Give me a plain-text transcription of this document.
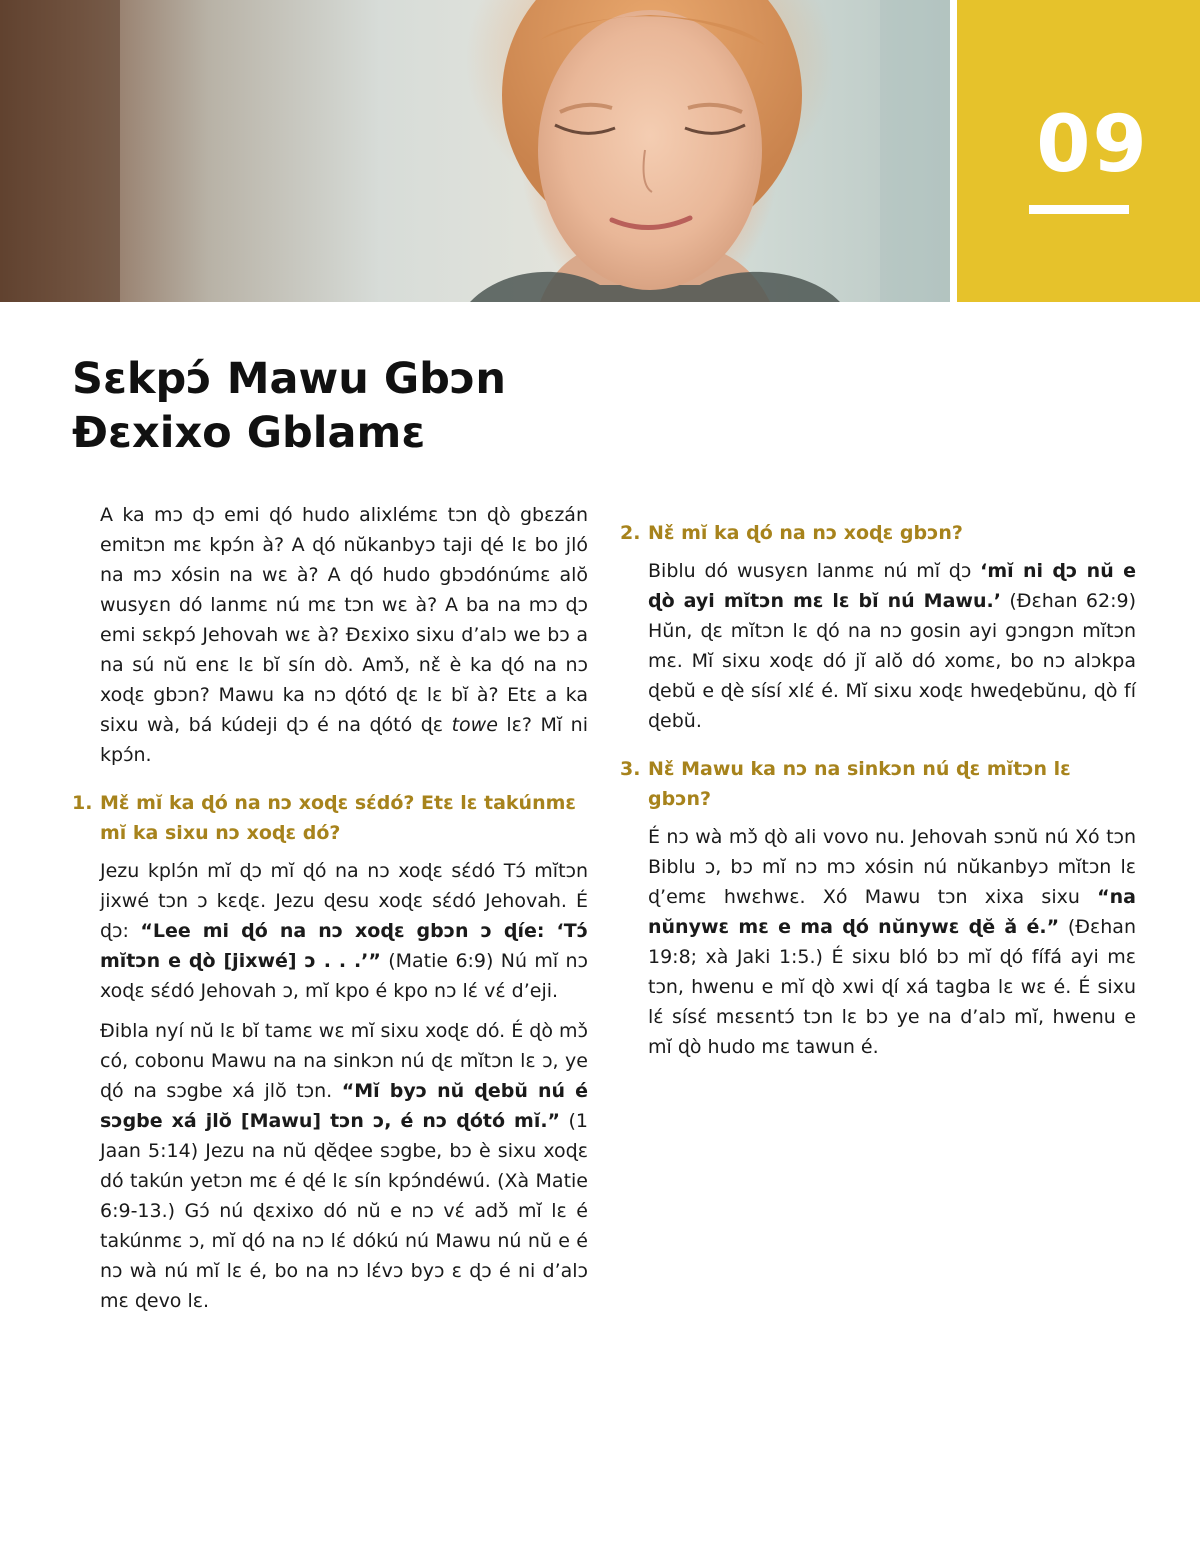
09
Sɛkpɔ́ Mawu Gbɔn
Ɖɛxixo Gblamɛ

A ka mɔ ɖɔ emi ɖó hudo alixlémɛ tɔn ɖò gbɛzán emitɔn mɛ kpɔ́n à? A ɖó nŭkanbyɔ taji ɖé lɛ bo jló na mɔ xósin na wɛ à? A ɖó hudo gbɔdónúmɛ alŏ wusyɛn dó lanmɛ nú mɛ tɔn wɛ à? A ba na mɔ ɖɔ emi sɛkpɔ́ Jehovah wɛ à? Ɖɛxixo sixu d’alɔ we bɔ a na sú nŭ enɛ lɛ bĭ sín dò. Amɔ̌, nɛ̌ è ka ɖó na nɔ xoɖɛ gbɔn? Mawu ka nɔ ɖótó ɖɛ lɛ bĭ à? Etɛ a ka sixu wà, bá kúdeji ɖɔ é na ɖótó ɖɛ towe lɛ? Mĭ ni kpɔ́n.

1. Mɛ̌ mĭ ka ɖó na nɔ xoɖɛ sɛ́dó? Etɛ lɛ takúnmɛ mĭ ka sixu nɔ xoɖɛ dó?

Jezu kplɔ́n mĭ ɖɔ mĭ ɖó na nɔ xoɖɛ sɛ́dó Tɔ́ mĭtɔn jixwé tɔn ɔ kɛɖɛ. Jezu ɖesu xoɖɛ sɛ́dó Jehovah. É ɖɔ: “Lee mi ɖó na nɔ xoɖɛ gbɔn ɔ ɖíe: ‘Tɔ́ mĭtɔn e ɖò [jixwé] ɔ . . .’” (Matie 6:9) Nú mĭ nɔ xoɖɛ sɛ́dó Jehovah ɔ, mĭ kpo é kpo nɔ lɛ́ vɛ́ d’eji.

Ðibla nyí nŭ lɛ bĭ tamɛ wɛ mĭ sixu xoɖɛ dó. É ɖò mɔ̌ có, cobonu Mawu na na sinkɔn nú ɖɛ mĭtɔn lɛ ɔ, ye ɖó na sɔgbe xá jlŏ tɔn. “Mĭ byɔ nŭ ɖebŭ nú é sɔgbe xá jlŏ [Mawu] tɔn ɔ, é nɔ ɖótó mĭ.” (1 Jaan 5:14) Jezu na nŭ ɖĕɖee sɔgbe, bɔ è sixu xoɖɛ dó takún yetɔn mɛ é ɖé lɛ sín kpɔ́ndéwú. (Xà Matie 6:9-13.) Gɔ́ nú ɖɛxixo dó nŭ e nɔ vɛ́ adɔ̌ mĭ lɛ é takúnmɛ ɔ, mĭ ɖó na nɔ lɛ́ dókú nú Mawu nú nŭ e é nɔ wà nú mĭ lɛ é, bo na nɔ lɛ́vɔ byɔ ɛ ɖɔ é ni d’alɔ mɛ ɖevo lɛ.

2. Nɛ̌ mĭ ka ɖó na nɔ xoɖɛ gbɔn?

Biblu dó wusyɛn lanmɛ nú mĭ ɖɔ ‘mĭ ni ɖɔ nŭ e ɖò ayi mĭtɔn mɛ lɛ bĭ nú Mawu.’ (Ɖɛhan 62:9) Hŭn, ɖɛ mĭtɔn lɛ ɖó na nɔ gosin ayi gɔngɔn mĭtɔn mɛ. Mĭ sixu xoɖɛ dó jĭ alŏ dó xomɛ, bo nɔ alɔkpa ɖebŭ e ɖè sísí xlɛ́ é. Mĭ sixu xoɖɛ hweɖebŭnu, ɖò fí ɖebŭ.

3. Nɛ̌ Mawu ka nɔ na sinkɔn nú ɖɛ mĭtɔn lɛ gbɔn?

É nɔ wà mɔ̌ ɖò ali vovo nu. Jehovah sɔnŭ nú Xó tɔn Biblu ɔ, bɔ mĭ nɔ mɔ xósin nú nŭkanbyɔ mĭtɔn lɛ ɖ’emɛ hwɛhwɛ. Xó Mawu tɔn xixa sixu “na nŭnywɛ mɛ e ma ɖó nŭnywɛ ɖĕ ǎ é.” (Ɖɛhan 19:8; xà Jaki 1:5.) É sixu bló bɔ mĭ ɖó fífá ayi mɛ tɔn, hwenu e mĭ ɖò xwi ɖí xá tagba lɛ wɛ é. É sixu lɛ́ sísɛ́ mɛsɛntɔ́ tɔn lɛ bɔ ye na d’alɔ mĭ, hwenu e mĭ ɖò hudo mɛ tawun é.
